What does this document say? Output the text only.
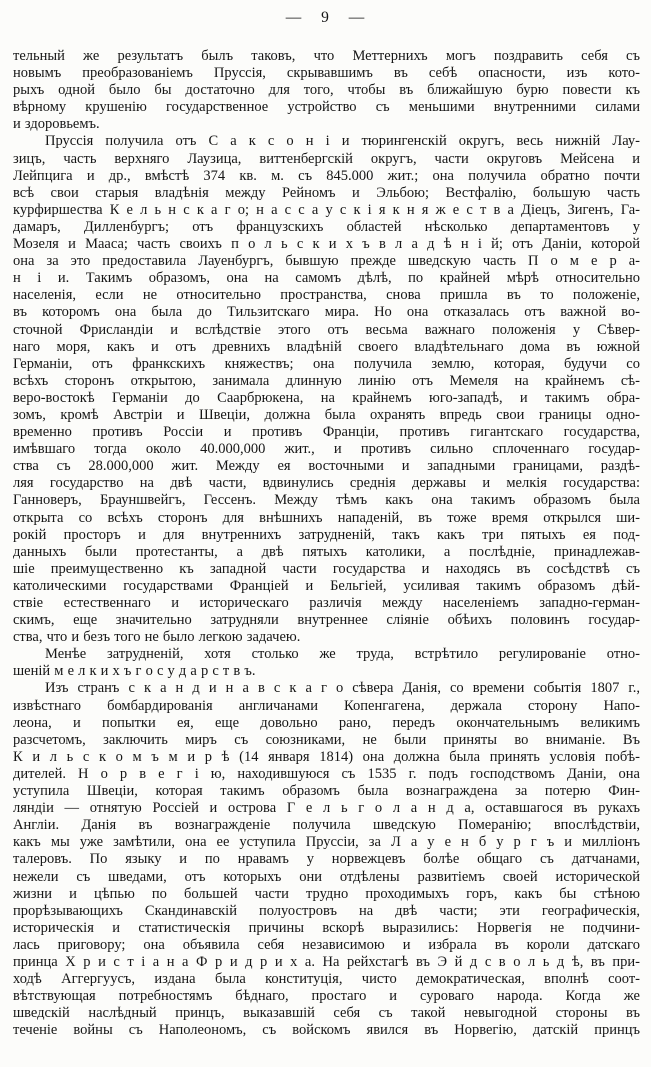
— 9 —
тельный же результатъ былъ таковъ, что Меттернихъ могъ поздравить себя съ
новымъ преобразованіемъ Пруссія, скрывавшимъ въ себѣ опасности, изъ кото-
рыхъ одной было бы достаточно для того, чтобы въ ближайшую бурю повести къ
вѣрному крушенію государственное устройство съ меньшими внутренними силами
и здоровьемъ.
Пруссія получила отъ С а к с о н і и тюрингенскій округъ, весь нижній Лау-
зицъ, часть верхняго Лаузица, виттенбергскій округъ, части округовъ Мейсена и
Лейпцига и др., вмѣстѣ 374 кв. м. съ 845.000 жит.; она получила обратно почти
всѣ свои старыя владѣнія между Рейномъ и Эльбою; Вестфалію, большую часть
курфиршества К е л ь н с к а г о; н а с с а у с к і я к н я ж е с т в а Діецъ, Зигенъ, Га-
дамаръ, Дилленбургъ; отъ французскихъ областей нѣсколько департаментовъ у
Мозеля и Мааса; часть своихъ п о л ь с к и х ъ в л а д ѣ н і й; отъ Даніи, которой
она за это предоставила Лауенбургъ, бывшую прежде шведскую часть П о м е р а-
н і и. Такимъ образомъ, она на самомъ дѣлѣ, по крайней мѣрѣ относительно
населенія, если не относительно пространства, снова пришла въ то положеніе,
въ которомъ она была до Тильзитскаго мира. Но она отказалась отъ важной во-
сточной Фрисландіи и вслѣдствіе этого отъ весьма важнаго положенія у Сѣвер-
наго моря, какъ и отъ древнихъ владѣній своего владѣтельнаго дома въ южной
Германіи, отъ франкскихъ княжествъ; она получила землю, которая, будучи со
всѣхъ сторонъ открытою, занимала длинную линію отъ Мемеля на крайнемъ сѣ-
веро-востокѣ Германіи до Саарбрюкена, на крайнемъ юго-западѣ, и такимъ обра-
зомъ, кромѣ Австріи и Швеціи, должна была охранять впредь свои границы одно-
временно противъ Россіи и противъ Франціи, противъ гигантскаго государства,
имѣвшаго тогда около 40.000,000 жит., и противъ сильно сплоченнаго государ-
ства съ 28.000,000 жит. Между ея восточными и западными границами, раздѣ-
ляя государство на двѣ части, вдвинулись среднія державы и мелкія государства:
Ганноверъ, Брауншвейгъ, Гессенъ. Между тѣмъ какъ она такимъ образомъ была
открыта со всѣхъ сторонъ для внѣшнихъ нападеній, въ тоже время открылся ши-
рокій просторъ и для внутреннихъ затрудненій, такъ какъ три пятыхъ ея под-
данныхъ были протестанты, а двѣ пятыхъ католики, а послѣдніе, принадлежав-
шіе преимущественно къ западной части государства и находясь въ сосѣдствѣ съ
католическими государствами Франціей и Бельгіей, усиливая такимъ образомъ дѣй-
ствіе естественнаго и историческаго различія между населеніемъ западно-герман-
скимъ, еще значительно затрудняли внутреннее сліяніе обѣихъ половинъ государ-
ства, что и безъ того не было легкою задачею.
Менѣе затрудненій, хотя столько же труда, встрѣтило регулированіе отно-
шеній м е л к и х ъ г о с у д а р с т в ъ.
Изъ странъ с к а н д и н а в с к а г о сѣвера Данія, со времени событія 1807 г.,
извѣстнаго бомбардированія англичанами Копенгагена, держала сторону Напо-
леона, и попытки ея, еще довольно рано, передъ окончательнымъ великимъ
разсчетомъ, заключить миръ съ союзниками, не были приняты во вниманіе. Въ
К и л ь с к о м ъ м и р ѣ (14 января 1814) она должна была принять условія побѣ-
дителей. Н о р в е г і ю, находившуюся съ 1535 г. подъ господствомъ Даніи, она
уступила Швеціи, которая такимъ образомъ была вознаграждена за потерю Фин-
ляндіи — отнятую Россіей и острова Г е л ь г о л а н д а, оставшагося въ рукахъ
Англіи. Данія въ вознагражденіе получила шведскую Померанію; впослѣдствіи,
какъ мы уже замѣтили, она ее уступила Пруссіи, за Л а у е н б у р г ъ и милліонъ
талеровъ. По языку и по нравамъ у норвежцевъ болѣе общаго съ датчанами,
нежели съ шведами, отъ которыхъ они отдѣлены развитіемъ своей исторической
жизни и цѣпью по большей части трудно проходимыхъ горъ, какъ бы стѣною
прорѣзывающихъ Скандинавскій полуостровъ на двѣ части; эти географическія,
историческія и статистическія причины вскорѣ выразились: Норвегія не подчини-
лась приговору; она объявила себя независимою и избрала въ короли датскаго
принца Х р и с т і а н а Ф р и д р и х а. На рейхстагѣ въ Э й д с в о л ь д ѣ, въ при-
ходѣ Аггергуусъ, издана была конституція, чисто демократическая, вполнѣ соот-
вѣтствующая потребностямъ бѣднаго, простаго и суроваго народа. Когда же
шведскій наслѣдный принцъ, выказавшій себя съ такой невыгодной стороны въ
теченіе войны съ Наполеономъ, съ войскомъ явился въ Норвегію, датскій принцъ
